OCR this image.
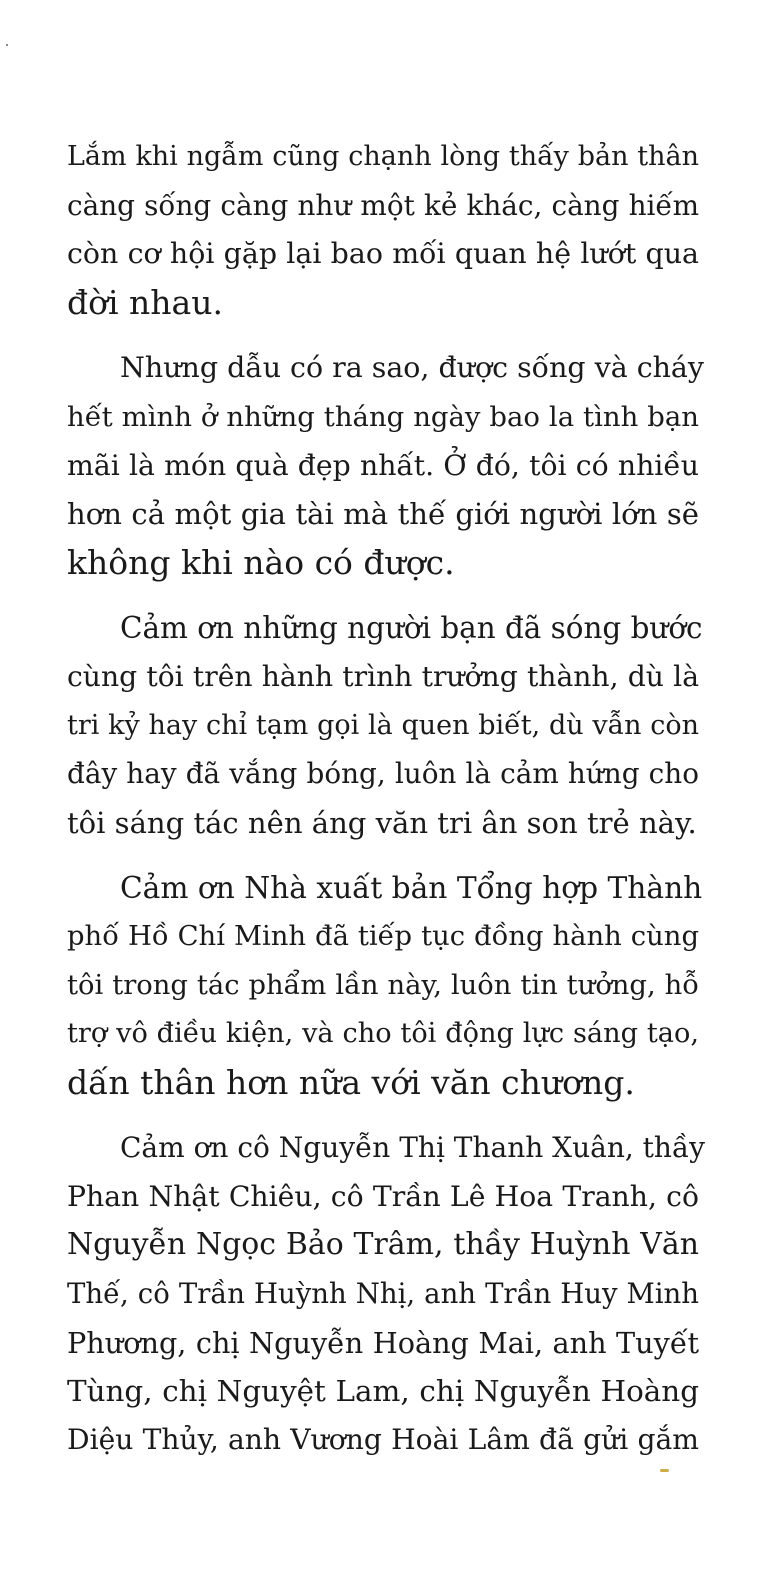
Lắm khi ngẫm cũng chạnh lòng thấy bản thân
càng sống càng như một kẻ khác, càng hiếm
còn cơ hội gặp lại bao mối quan hệ lướt qua
đời nhau.
Nhưng dẫu có ra sao, được sống và cháy
hết mình ở những tháng ngày bao la tình bạn
mãi là món quà đẹp nhất. Ở đó, tôi có nhiều
hơn cả một gia tài mà thế giới người lớn sẽ
không khi nào có được.
Cảm ơn những người bạn đã sóng bước
cùng tôi trên hành trình trưởng thành, dù là
tri kỷ hay chỉ tạm gọi là quen biết, dù vẫn còn
đây hay đã vắng bóng, luôn là cảm hứng cho
tôi sáng tác nên áng văn tri ân son trẻ này.
Cảm ơn Nhà xuất bản Tổng hợp Thành
phố Hồ Chí Minh đã tiếp tục đồng hành cùng
tôi trong tác phẩm lần này, luôn tin tưởng, hỗ
trợ vô điều kiện, và cho tôi động lực sáng tạo,
dấn thân hơn nữa với văn chương.
Cảm ơn cô Nguyễn Thị Thanh Xuân, thầy
Phan Nhật Chiêu, cô Trần Lê Hoa Tranh, cô
Nguyễn Ngọc Bảo Trâm, thầy Huỳnh Văn
Thế, cô Trần Huỳnh Nhị, anh Trần Huy Minh
Phương, chị Nguyễn Hoàng Mai, anh Tuyết
Tùng, chị Nguyệt Lam, chị Nguyễn Hoàng
Diệu Thủy, anh Vương Hoài Lâm đã gửi gắm
